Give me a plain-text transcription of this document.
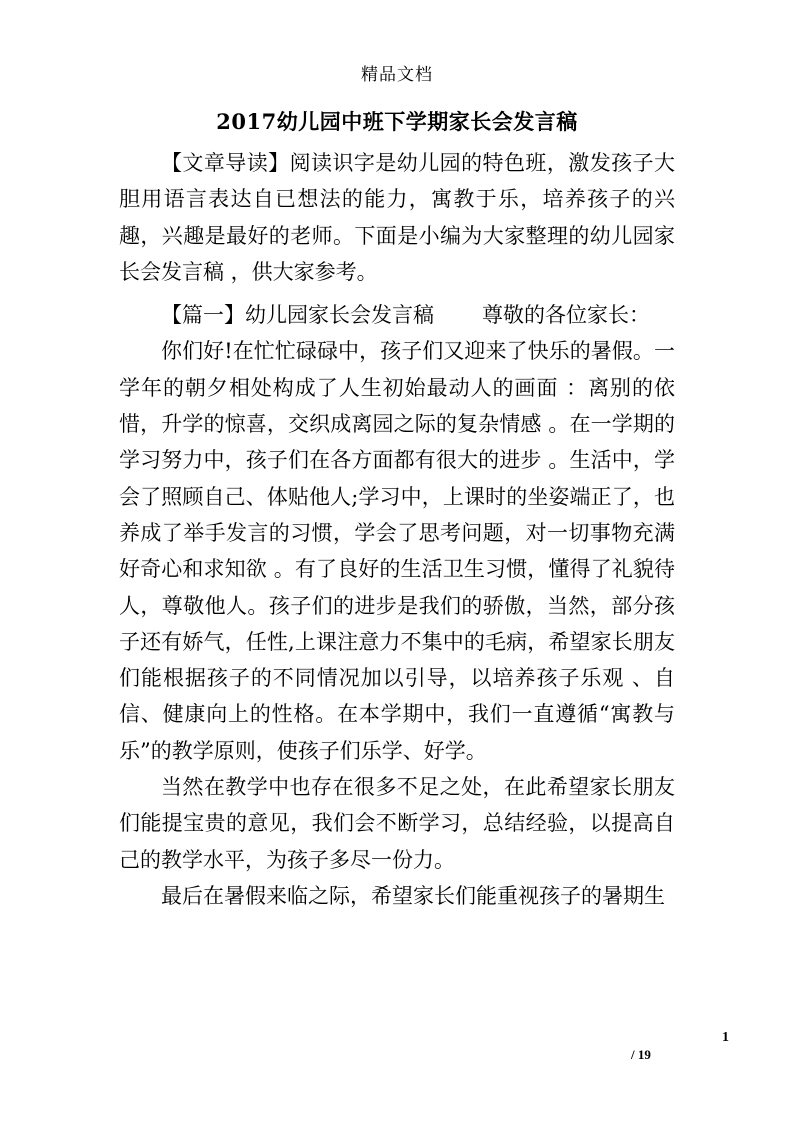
精品文档
2017幼儿园中班下学期家长会发言稿

【文章导读】阅读识字是幼儿园的特色班，激发孩子大胆用语言表达自已想法的能力，寓教于乐，培养孩子的兴趣，兴趣是最好的老师。下面是小编为大家整理的幼儿园家长会发言稿 ，供大家参考。

【篇一】幼儿园家长会发言稿 尊敬的各位家长：

你们好!在忙忙碌碌中，孩子们又迎来了快乐的暑假。一学年的朝夕相处构成了人生初始最动人的画面 ：离别的依惜，升学的惊喜，交织成离园之际的复杂情感 。在一学期的学习努力中，孩子们在各方面都有很大的进步 。生活中，学会了照顾自己、体贴他人;学习中，上课时的坐姿端正了，也养成了举手发言的习惯，学会了思考问题，对一切事物充满好奇心和求知欲 。有了良好的生活卫生习惯，懂得了礼貌待人，尊敬他人。孩子们的进步是我们的骄傲，当然，部分孩子还有娇气，任性,上课注意力不集中的毛病，希望家长朋友们能根据孩子的不同情况加以引导，以培养孩子乐观 、自信、健康向上的性格。在本学期中，我们一直遵循“寓教与乐”的教学原则，使孩子们乐学、好学。

当然在教学中也存在很多不足之处，在此希望家长朋友们能提宝贵的意见，我们会不断学习，总结经验，以提高自己的教学水平，为孩子多尽一份力。

最后在暑假来临之际，希望家长们能重视孩子的暑期生

1
/ 19
